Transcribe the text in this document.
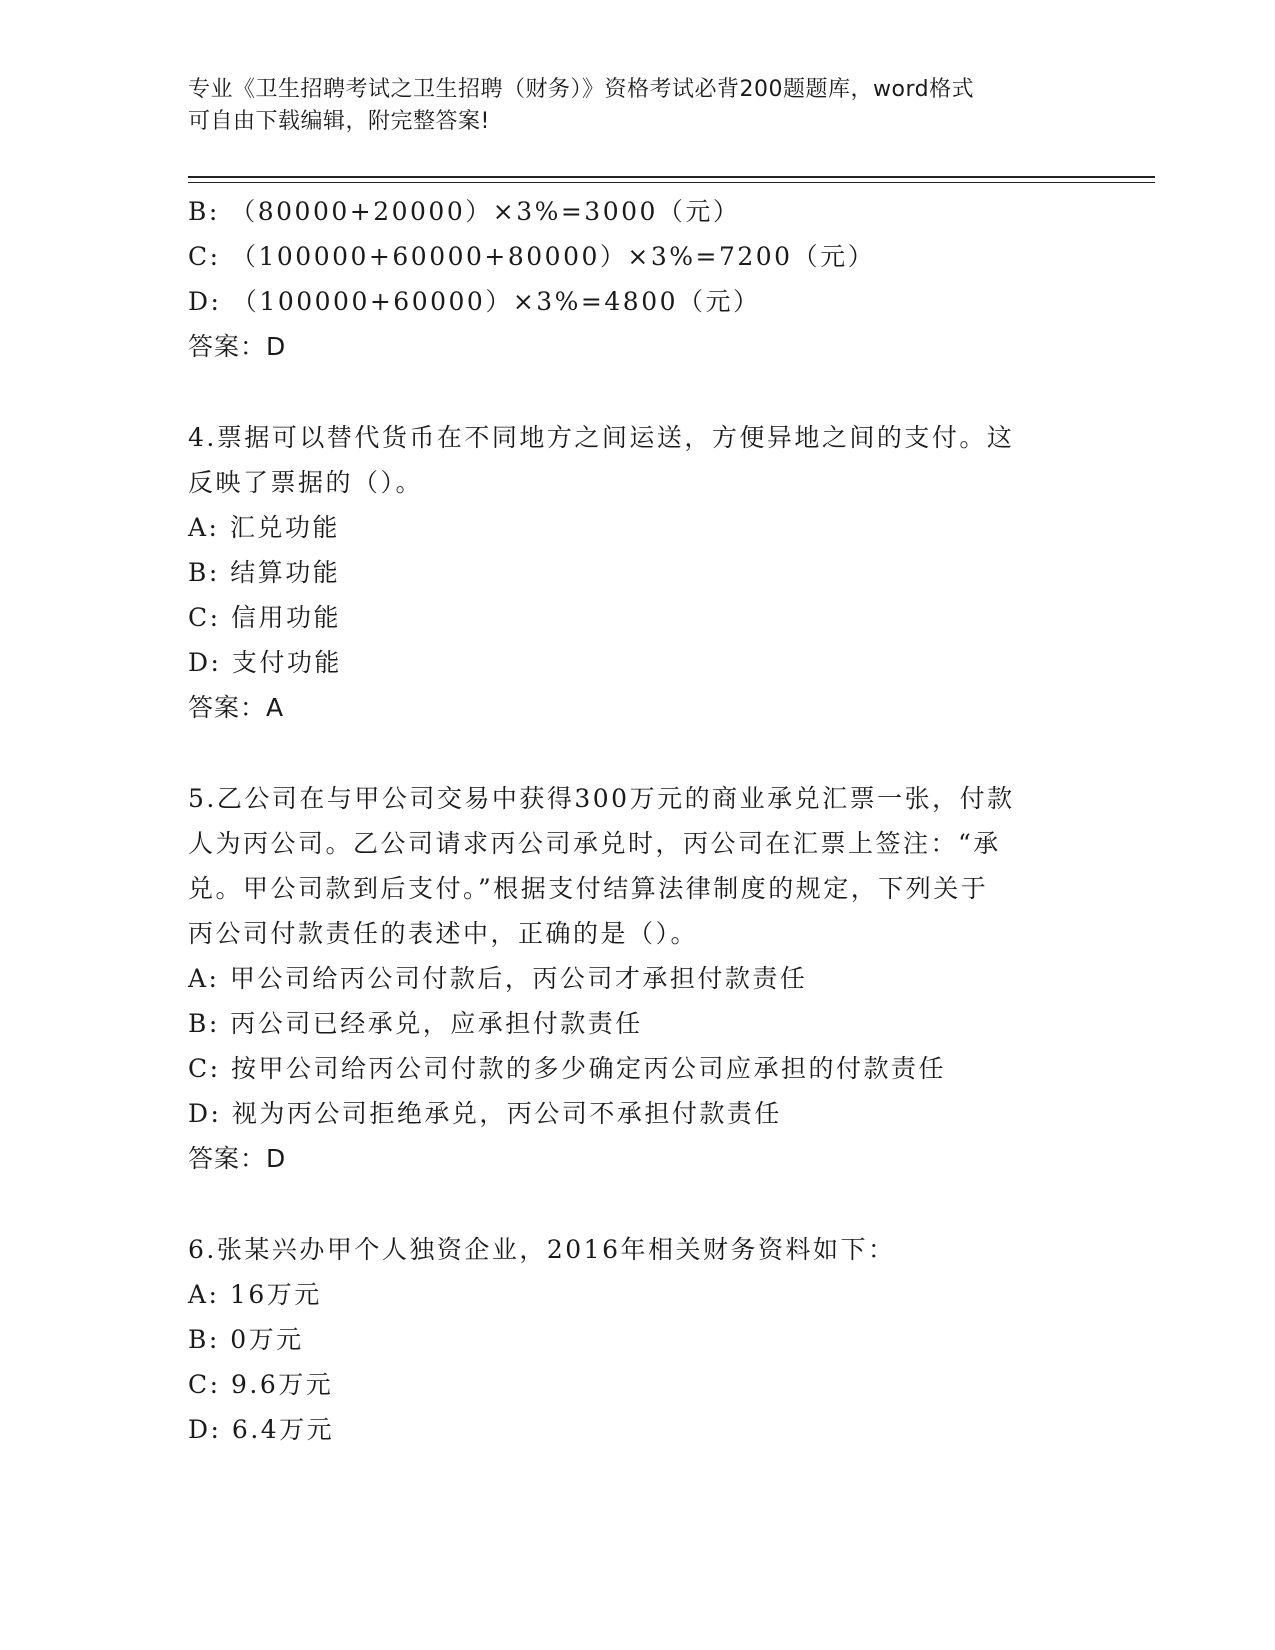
专业《卫生招聘考试之卫生招聘（财务）》资格考试必背200题题库，word格式
可自由下载编辑，附完整答案!

B: （80000+20000）×3%=3000（元）

C: （100000+60000+80000）×3%=7200（元）

D: （100000+60000）×3%=4800（元）

答案：D

4.票据可以替代货币在不同地方之间运送，方便异地之间的支付。这

反映了票据的（）。

A: 汇兑功能

B: 结算功能

C: 信用功能

D: 支付功能

答案：A

5.乙公司在与甲公司交易中获得300万元的商业承兑汇票一张，付款

人为丙公司。乙公司请求丙公司承兑时，丙公司在汇票上签注：“承

兑。甲公司款到后支付。”根据支付结算法律制度的规定，下列关于

丙公司付款责任的表述中，正确的是（）。

A: 甲公司给丙公司付款后，丙公司才承担付款责任

B: 丙公司已经承兑，应承担付款责任

C: 按甲公司给丙公司付款的多少确定丙公司应承担的付款责任

D: 视为丙公司拒绝承兑，丙公司不承担付款责任

答案：D

6.张某兴办甲个人独资企业，2016年相关财务资料如下：

A: 16万元

B: 0万元

C: 9.6万元

D: 6.4万元
